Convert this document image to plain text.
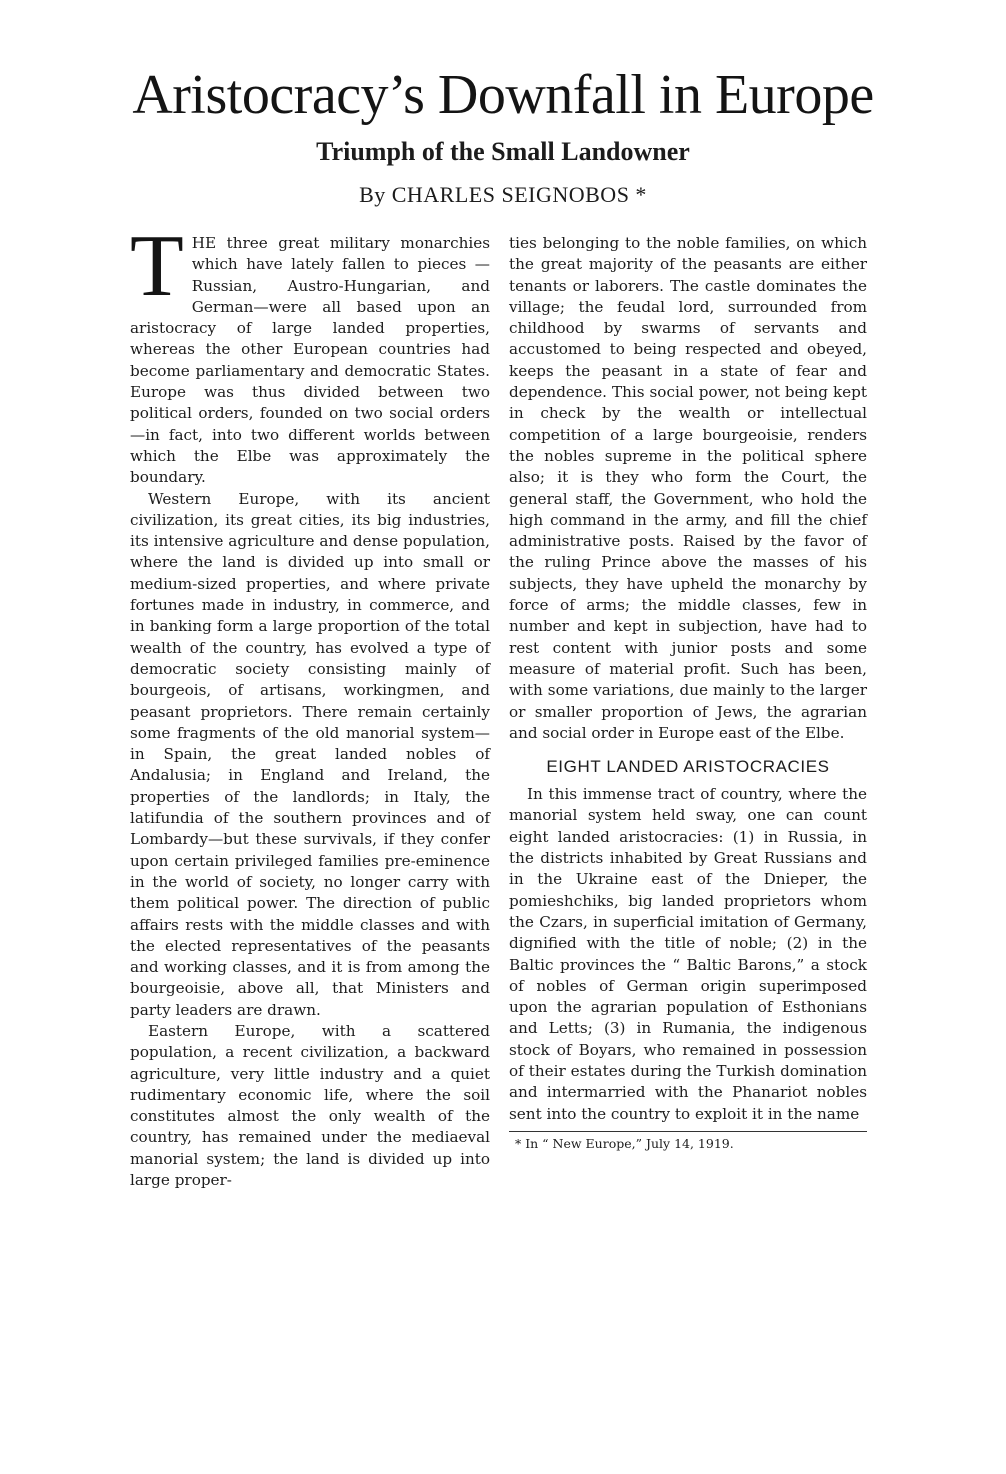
Aristocracy’s Downfall in Europe
Triumph of the Small Landowner
By CHARLES SEIGNOBOS *

THE three great military monarchies which have lately fallen to pieces —Russian, Austro-Hungarian, and German—were all based upon an aristocracy of large landed properties, whereas the other European countries had become parliamentary and democratic States. Europe was thus divided between two political orders, founded on two social orders—in fact, into two different worlds between which the Elbe was approximately the boundary.

Western Europe, with its ancient civilization, its great cities, its big industries, its intensive agriculture and dense population, where the land is divided up into small or medium-sized properties, and where private fortunes made in industry, in commerce, and in banking form a large proportion of the total wealth of the country, has evolved a type of democratic society consisting mainly of bourgeois, of artisans, workingmen, and peasant proprietors. There remain certainly some fragments of the old manorial system—in Spain, the great landed nobles of Andalusia; in England and Ireland, the properties of the landlords; in Italy, the latifundia of the southern provinces and of Lombardy—but these survivals, if they confer upon certain privileged families pre-eminence in the world of society, no longer carry with them political power. The direction of public affairs rests with the middle classes and with the elected representatives of the peasants and working classes, and it is from among the bourgeoisie, above all, that Ministers and party leaders are drawn.

Eastern Europe, with a scattered population, a recent civilization, a backward agriculture, very little industry and a quiet rudimentary economic life, where the soil constitutes almost the only wealth of the country, has remained under the mediaeval manorial system; the land is divided up into large proper-

ties belonging to the noble families, on which the great majority of the peasants are either tenants or laborers. The castle dominates the village; the feudal lord, surrounded from childhood by swarms of servants and accustomed to being respected and obeyed, keeps the peasant in a state of fear and dependence. This social power, not being kept in check by the wealth or intellectual competition of a large bourgeoisie, renders the nobles supreme in the political sphere also; it is they who form the Court, the general staff, the Government, who hold the high command in the army, and fill the chief administrative posts. Raised by the favor of the ruling Prince above the masses of his subjects, they have upheld the monarchy by force of arms; the middle classes, few in number and kept in subjection, have had to rest content with junior posts and some measure of material profit. Such has been, with some variations, due mainly to the larger or smaller proportion of Jews, the agrarian and social order in Europe east of the Elbe.

EIGHT LANDED ARISTOCRACIES

In this immense tract of country, where the manorial system held sway, one can count eight landed aristocracies: (1) in Russia, in the districts inhabited by Great Russians and in the Ukraine east of the Dnieper, the pomieshchiks, big landed proprietors whom the Czars, in superficial imitation of Germany, dignified with the title of noble; (2) in the Baltic provinces the “ Baltic Barons,” a stock of nobles of German origin superimposed upon the agrarian population of Esthonians and Letts; (3) in Rumania, the indigenous stock of Boyars, who remained in possession of their estates during the Turkish domination and intermarried with the Phanariot nobles sent into the country to exploit it in the name

* In “ New Europe,” July 14, 1919.
